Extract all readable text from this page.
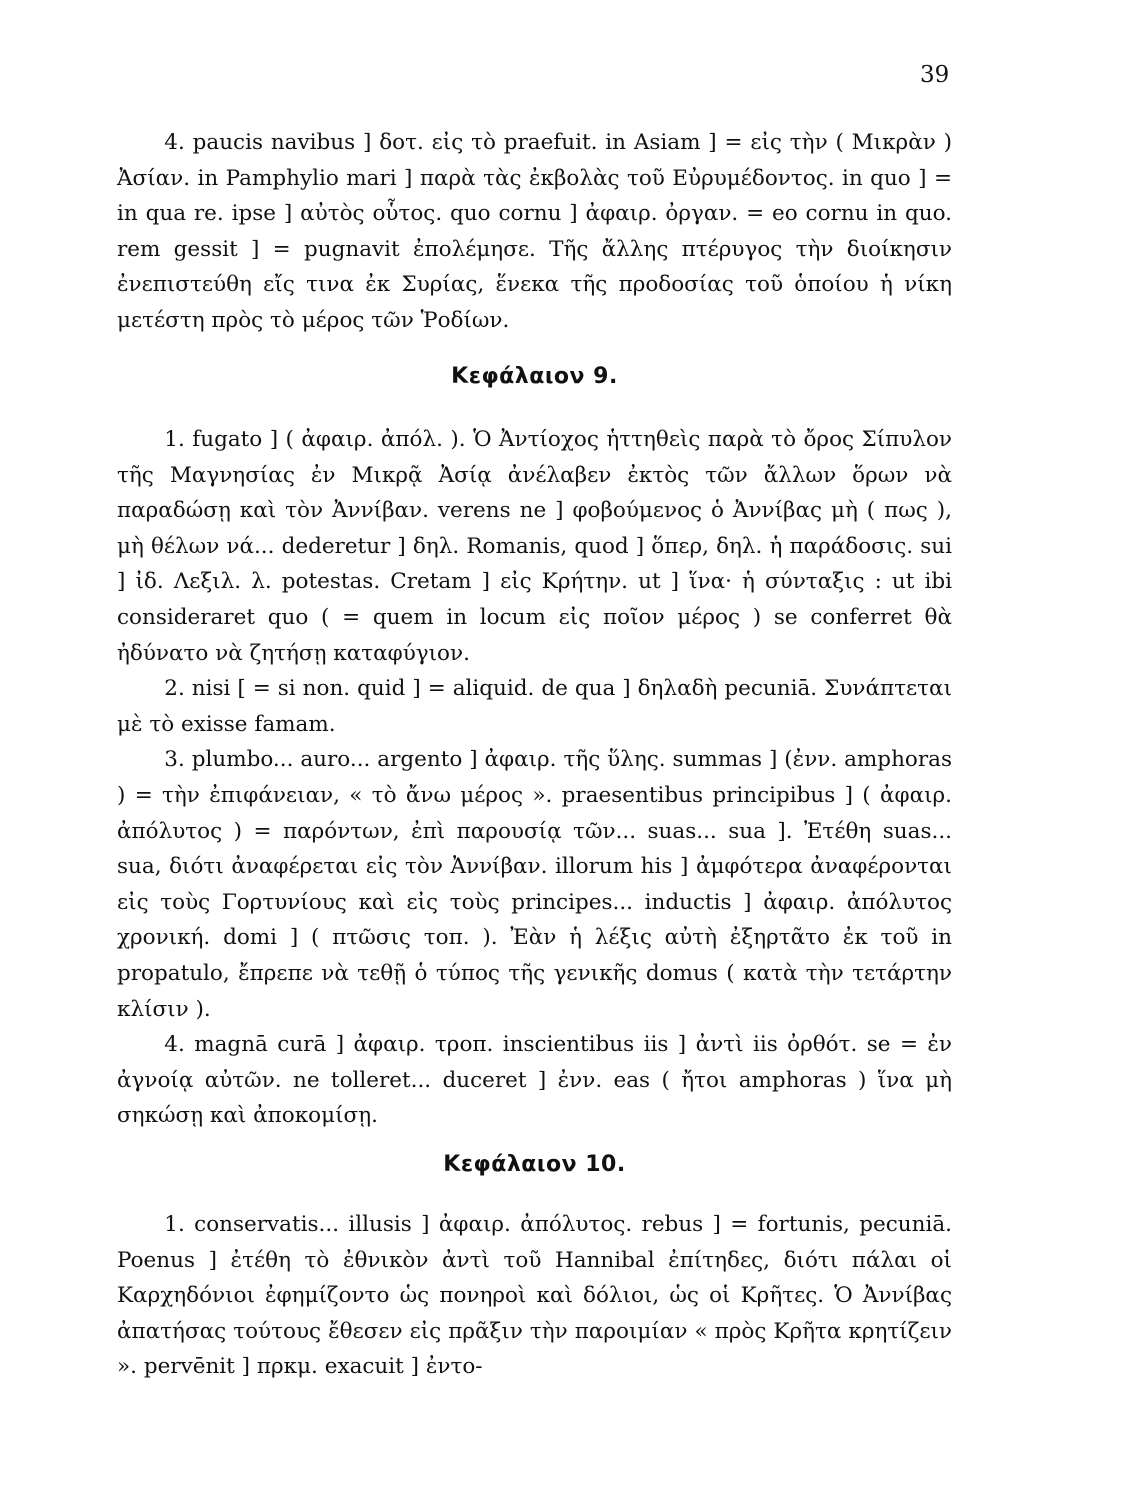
39

4. paucis navibus ] δοτ. εἰς τὸ praefuit. in Asiam ] = εἰς τὴν ( Μικρὰν ) Ἀσίαν. in Pamphylio mari ] παρὰ τὰς ἐκβολὰς τοῦ Εὐρυμέδοντος. in quo ] = in qua re. ipse ] αὐτὸς οὗτος. quo cornu ] ἀφαιρ. ὀργαν. = eo cornu in quo. rem gessit ] = pugnavit ἐπολέμησε. Τῆς ἄλλης πτέρυγος τὴν διοίκησιν ἐνεπιστεύθη εἴς τινα ἐκ Συρίας, ἕνεκα τῆς προδοσίας τοῦ ὁποίου ἡ νίκη μετέστη πρὸς τὸ μέρος τῶν Ῥοδίων.

Κεφάλαιον 9.

1. fugato ] ( ἀφαιρ. ἀπόλ. ). Ὁ Ἀντίοχος ἡττηθεὶς παρὰ τὸ ὄρος Σίπυλον τῆς Μαγνησίας ἐν Μικρᾷ Ἀσίᾳ ἀνέλαβεν ἐκτὸς τῶν ἄλλων ὅρων νὰ παραδώσῃ καὶ τὸν Ἀννίβαν. verens ne ] φοβούμενος ὁ Ἀννίβας μὴ ( πως ), μὴ θέλων νά... dederetur ] δηλ. Romanis, quod ] ὅπερ, δηλ. ἡ παράδοσις. sui ] ἰδ. Λεξιλ. λ. potestas. Cretam ] εἰς Κρήτην. ut ] ἵνα· ἡ σύνταξις : ut ibi consideraret quo ( = quem in locum εἰς ποῖον μέρος ) se conferret θὰ ἠδύνατο νὰ ζητήσῃ καταφύγιον.

2. nisi [ = si non. quid ] = aliquid. de qua ] δηλαδὴ pecuniā. Συνάπτεται μὲ τὸ exisse famam.

3. plumbo... auro... argento ] ἀφαιρ. τῆς ὕλης. summas ] (ἐνν. amphoras ) = τὴν ἐπιφάνειαν, « τὸ ἄνω μέρος ». praesentibus principibus ] ( ἀφαιρ. ἀπόλυτος ) = παρόντων, ἐπὶ παρουσίᾳ τῶν... suas... sua ]. Ἐτέθη suas... sua, διότι ἀναφέρεται εἰς τὸν Ἀννίβαν. illorum his ] ἀμφότερα ἀναφέρονται εἰς τοὺς Γορτυνίους καὶ εἰς τοὺς principes... inductis ] ἀφαιρ. ἀπόλυτος χρονική. domi ] ( πτῶσις τοπ. ). Ἐὰν ἡ λέξις αὐτὴ ἐξηρτᾶτο ἐκ τοῦ in propatulo, ἔπρεπε νὰ τεθῇ ὁ τύπος τῆς γενικῆς domus ( κατὰ τὴν τετάρτην κλίσιν ).

4. magnā curā ] ἀφαιρ. τροπ. inscientibus iis ] ἀντὶ iis ὀρθότ. se = ἐν ἀγνοίᾳ αὐτῶν. ne tolleret... duceret ] ἐνν. eas ( ἤτοι amphoras ) ἵνα μὴ σηκώσῃ καὶ ἀποκομίσῃ.

Κεφάλαιον 10.

1. conservatis... illusis ] ἀφαιρ. ἀπόλυτος. rebus ] = fortunis, pecuniā. Poenus ] ἐτέθη τὸ ἐθνικὸν ἀντὶ τοῦ Hannibal ἐπίτηδες, διότι πάλαι οἱ Καρχηδόνιοι ἐφημίζοντο ὡς πονηροὶ καὶ δόλιοι, ὡς οἱ Κρῆτες. Ὁ Ἀννίβας ἀπατήσας τούτους ἔθεσεν εἰς πρᾶξιν τὴν παροιμίαν « πρὸς Κρῆτα κρητίζειν ». pervēnit ] πρκμ. exacuit ] ἐντο-
